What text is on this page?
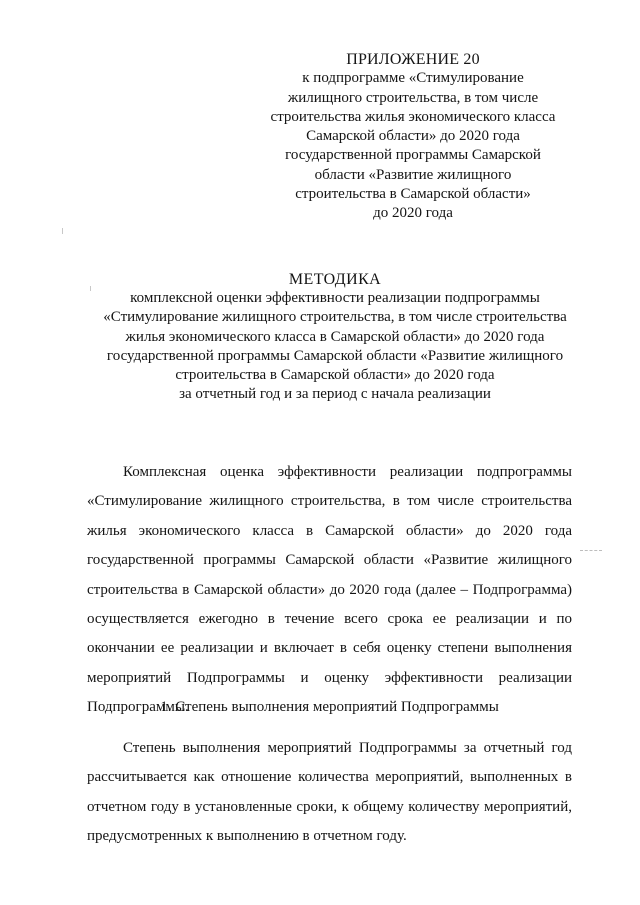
ПРИЛОЖЕНИЕ 20
к подпрограмме «Стимулирование
жилищного строительства, в том числе
строительства жилья экономического класса
Самарской области» до 2020 года
государственной программы Самарской
области «Развитие жилищного
строительства в Самарской области»
до 2020 года
МЕТОДИКА
комплексной оценки эффективности реализации подпрограммы
«Стимулирование жилищного строительства, в том числе строительства
жилья экономического класса в Самарской области» до 2020 года
государственной программы Самарской области «Развитие жилищного
строительства в Самарской области» до 2020 года
за отчетный год и за период с начала реализации
Комплексная оценка эффективности реализации подпрограммы
«Стимулирование жилищного строительства, в том числе строительства
жилья экономического класса в Самарской области» до 2020 года
государственной программы Самарской области «Развитие жилищного
строительства в Самарской области» до 2020 года (далее – Подпрограмма)
осуществляется ежегодно в течение всего срока ее реализации и по
окончании ее реализации и включает в себя оценку степени выполнения
мероприятий Подпрограммы и оценку эффективности реализации
Подпрограммы.
1. Степень выполнения мероприятий Подпрограммы
Степень выполнения мероприятий Подпрограммы за отчетный год
рассчитывается как отношение количества мероприятий, выполненных в
отчетном году в установленные сроки, к общему количеству мероприятий,
предусмотренных к выполнению в отчетном году.
